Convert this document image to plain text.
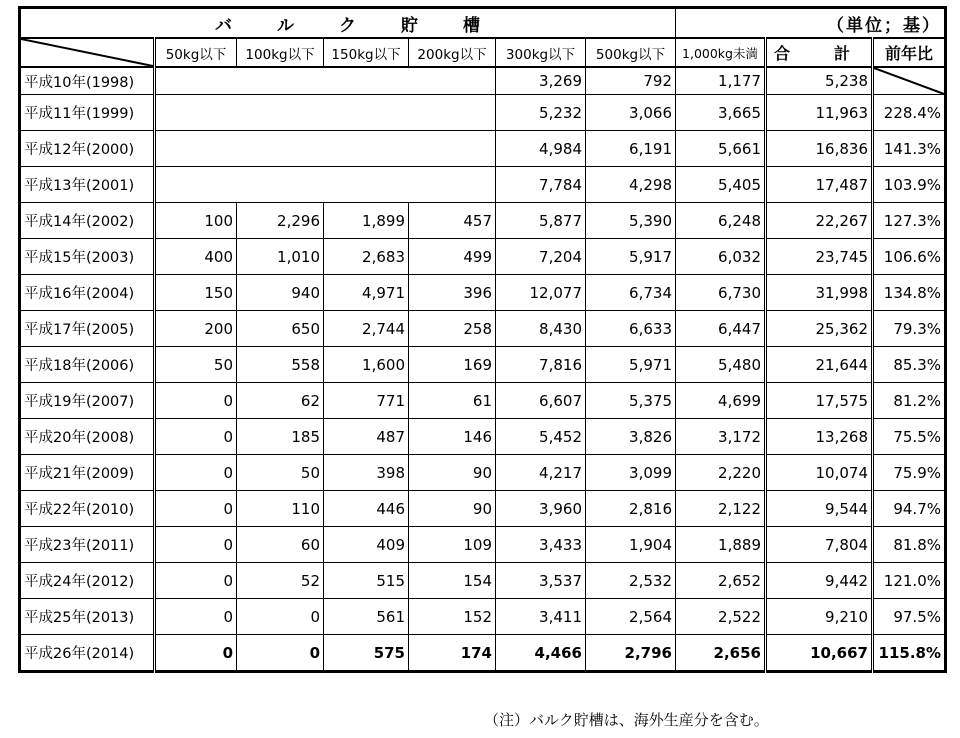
バ ル ク 貯 槽							（単位；基）		

	50kg以下	100kg以下	150kg以下	200kg以下	300kg以下	500kg以下	1,000kg未満	合　計	前年比
平成10年(1998)					3,269	792	1,177	5,238	

平成11年(1999)					5,232	3,066	3,665	11,963	228.4%
平成12年(2000)					4,984	6,191	5,661	16,836	141.3%
平成13年(2001)					7,784	4,298	5,405	17,487	103.9%
平成14年(2002)	100	2,296	1,899	457	5,877	5,390	6,248	22,267	127.3%
平成15年(2003)	400	1,010	2,683	499	7,204	5,917	6,032	23,745	106.6%
平成16年(2004)	150	940	4,971	396	12,077	6,734	6,730	31,998	134.8%
平成17年(2005)	200	650	2,744	258	8,430	6,633	6,447	25,362	79.3%
平成18年(2006)	50	558	1,600	169	7,816	5,971	5,480	21,644	85.3%
平成19年(2007)	0	62	771	61	6,607	5,375	4,699	17,575	81.2%
平成20年(2008)	0	185	487	146	5,452	3,826	3,172	13,268	75.5%
平成21年(2009)	0	50	398	90	4,217	3,099	2,220	10,074	75.9%
平成22年(2010)	0	110	446	90	3,960	2,816	2,122	9,544	94.7%
平成23年(2011)	0	60	409	109	3,433	1,904	1,889	7,804	81.8%
平成24年(2012)	0	52	515	154	3,537	2,532	2,652	9,442	121.0%
平成25年(2013)	0	0	561	152	3,411	2,564	2,522	9,210	97.5%
平成26年(2014)	0	0	575	174	4,466	2,796	2,656	10,667	115.8%
（注）バルク貯槽は、海外生産分を含む。
